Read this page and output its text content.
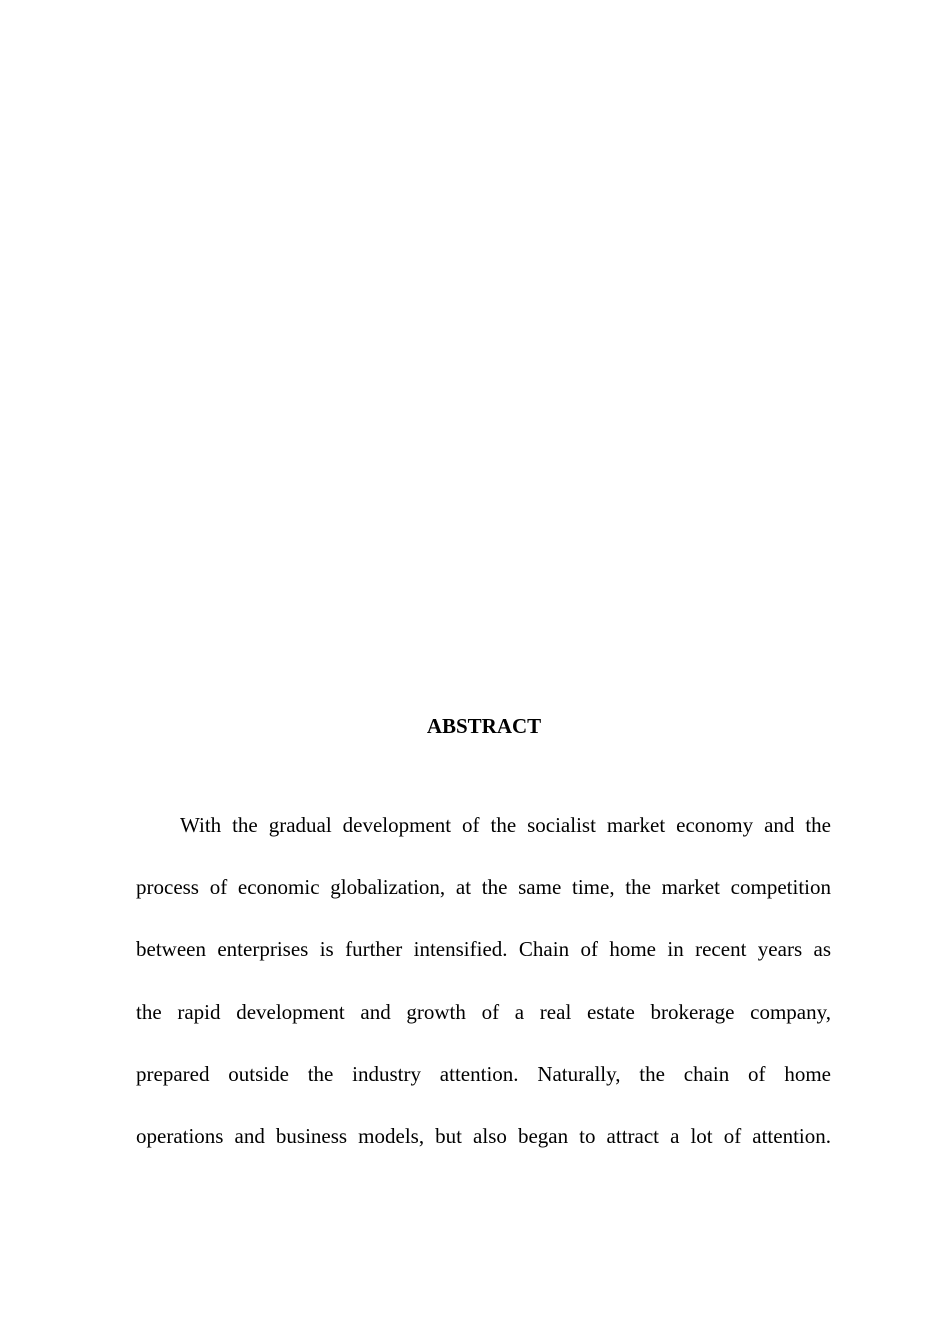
ABSTRACT
With the gradual development of the socialist market economy and the
process of economic globalization, at the same time, the market competition
between enterprises is further intensified. Chain of home in recent years as
the rapid development and growth of a real estate brokerage company,
prepared outside the industry attention. Naturally, the chain of home
operations and business models, but also began to attract a lot of attention.
